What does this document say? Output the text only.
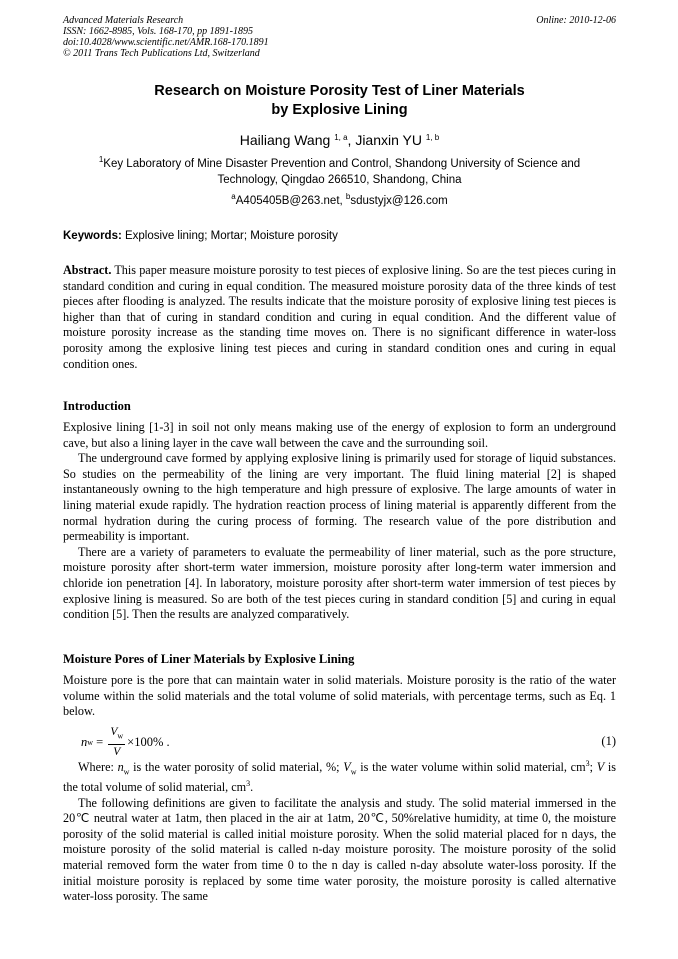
Advanced Materials Research
ISSN: 1662-8985, Vols. 168-170, pp 1891-1895
doi:10.4028/www.scientific.net/AMR.168-170.1891
© 2011 Trans Tech Publications Ltd, Switzerland
Online: 2010-12-06
Research on Moisture Porosity Test of Liner Materials
by Explosive Lining
Hailiang Wang $^{1, a}$, Jianxin YU $^{1, b}$
$^1$Key Laboratory of Mine Disaster Prevention and Control, Shandong University of Science and
Technology, Qingdao 266510, Shandong, China
$^a$A405405B@263.net, $^b$sdustyjx@126.com
Keywords: Explosive lining; Mortar; Moisture porosity
Abstract. This paper measure moisture porosity to test pieces of explosive lining. So are the test pieces curing in standard condition and curing in equal condition. The measured moisture porosity data of the three kinds of test pieces after flooding is analyzed. The results indicate that the moisture porosity of explosive lining test pieces is higher than that of curing in standard condition and curing in equal condition. And the different value of moisture porosity increase as the standing time moves on. There is no significant difference in water-loss porosity among the explosive lining test pieces and curing in standard condition ones and curing in equal condition ones.
Introduction

Explosive lining [1-3] in soil not only means making use of the energy of explosion to form an underground cave, but also a lining layer in the cave wall between the cave and the surrounding soil.

The underground cave formed by applying explosive lining is primarily used for storage of liquid substances. So studies on the permeability of the lining are very important. The fluid lining material [2] is shaped instantaneously owning to the high temperature and high pressure of explosive. The large amounts of water in lining material exude rapidly. The hydration reaction process of lining material is apparently different from the normal hydration during the curing process of forming. The research value of the pore distribution and permeability is important.

There are a variety of parameters to evaluate the permeability of liner material, such as the pore structure, moisture porosity after short-term water immersion, moisture porosity after long-term water immersion and chloride ion penetration [4]. In laboratory, moisture porosity after short-term water immersion of test pieces by explosive lining is measured. So are both of the test pieces curing in standard condition [5] and curing in equal condition [5]. Then the results are analyzed comparatively.

Moisture Pores of Liner Materials by Explosive Lining

Moisture pore is the pore that can maintain water in solid materials. Moisture porosity is the ratio of the water volume within the solid materials and the total volume of solid materials, with percentage terms, such as Eq. 1 below.

n $w = \frac{V_w}{V} \times 100\%$ .	(1)

Where: $n_w$ is the water porosity of solid material, %; $V_w$ is the water volume within solid material, $cm^3$; V is the total volume of solid material, $cm^3$.

The following definitions are given to facilitate the analysis and study. The solid material immersed in the 20℃ neutral water at 1atm, then placed in the air at 1atm, 20℃, 50%relative humidity, at time 0, the moisture porosity of the solid material is called initial moisture porosity. When the solid material placed for n days, the moisture porosity of the solid material is called n-day moisture porosity. The moisture porosity of the solid material removed form the water from time 0 to the n day is called n-day absolute water-loss porosity. If the initial moisture porosity is replaced by some time water porosity, the moisture porosity is called alternative water-loss porosity. The same
